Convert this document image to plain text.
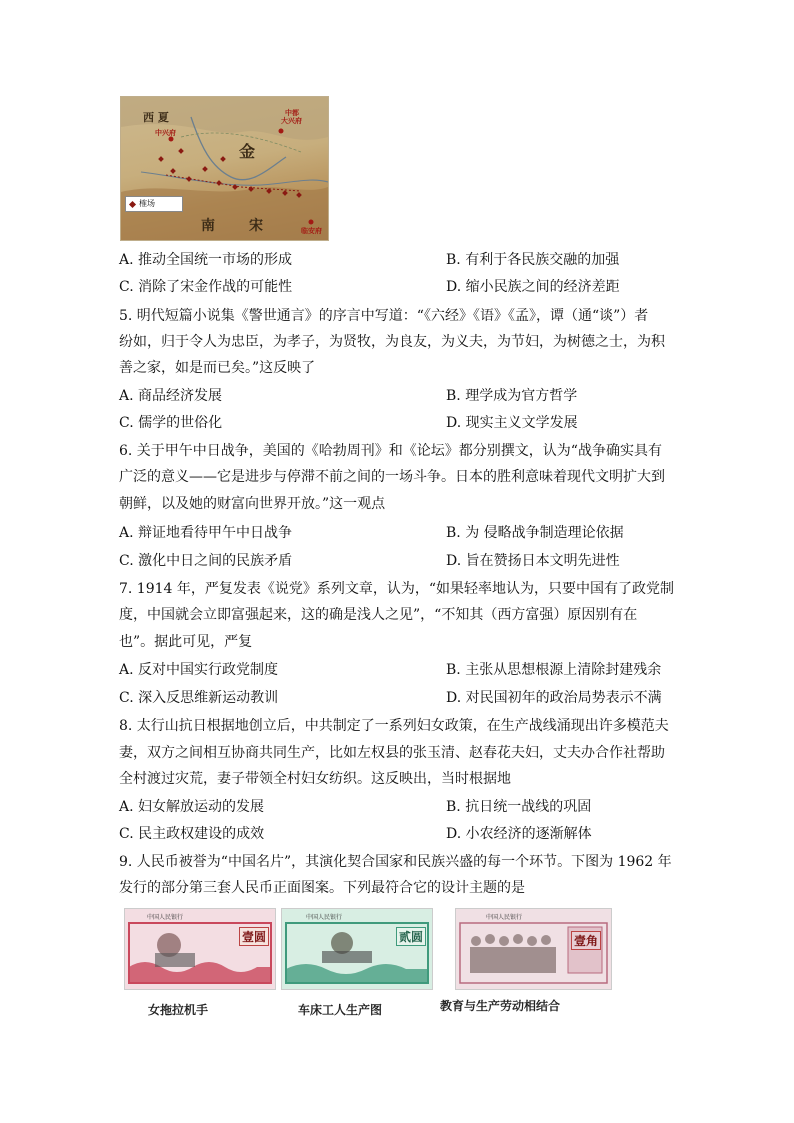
西 夏
金
南 宋
中都
大兴府
中兴府
临安府
榷场
A. 推动全国统一市场的形成	B. 有利于各民族交融的加强
C. 消除了宋金作战的可能性	D. 缩小民族之间的经济差距
5. 明代短篇小说集《警世通言》的序言中写道：“《六经》《语》《孟》，谭（通“谈”）者
纷如，归于令人为忠臣，为孝子，为贤牧，为良友，为义夫，为节妇，为树德之士，为积
善之家，如是而已矣。”这反映了
A. 商品经济发展	B. 理学成为官方哲学
C. 儒学的世俗化	D. 现实主义文学发展
6. 关于甲午中日战争，美国的《哈勃周刊》和《论坛》都分别撰文，认为“战争确实具有
广泛的意义——它是进步与停滞不前之间的一场斗争。日本的胜利意味着现代文明扩大到
朝鲜，以及她的财富向世界开放。”这一观点
A. 辩证地看待甲午中日战争	B. 为 侵略战争制造理论依据
C. 激化中日之间的民族矛盾	D. 旨在赞扬日本文明先进性
7. 1914 年，严复发表《说党》系列文章，认为，“如果轻率地认为，只要中国有了政党制
度，中国就会立即富强起来，这的确是浅人之见”，“不知其（西方富强）原因别有在
也”。据此可见，严复
A. 反对中国实行政党制度	B. 主张从思想根源上清除封建残余
C. 深入反思维新运动教训	D. 对民国初年的政治局势表示不满
8. 太行山抗日根据地创立后，中共制定了一系列妇女政策，在生产战线涌现出许多模范夫
妻，双方之间相互协商共同生产，比如左权县的张玉清、赵春花夫妇，丈夫办合作社帮助
全村渡过灾荒，妻子带领全村妇女纺织。这反映出，当时根据地
A. 妇女解放运动的发展	B. 抗日统一战线的巩固
C. 民主政权建设的成效	D. 小农经济的逐渐解体
9. 人民币被誉为“中国名片”，其演化契合国家和民族兴盛的每一个环节。下图为 1962 年
发行的部分第三套人民币正面图案。下列最符合它的设计主题的是
中国人民银行
壹圆
中国人民银行
贰圆
中国人民银行
壹角
女拖拉机手	车床工人生产图	教育与生产劳动相结合
